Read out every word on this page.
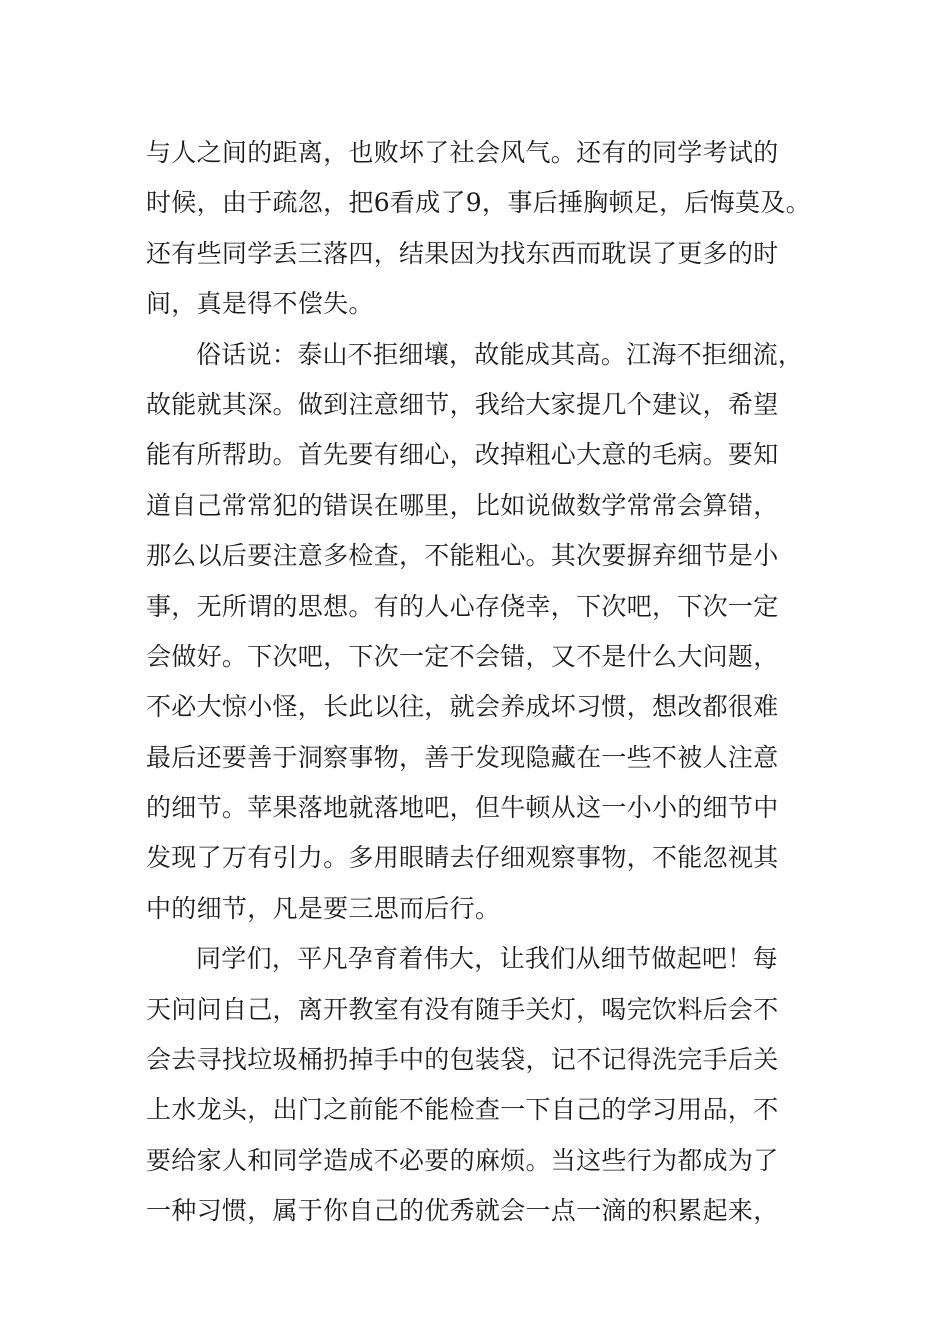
与人之间的距离，也败坏了社会风气。还有的同学考试的
时候，由于疏忽，把6看成了9，事后捶胸顿足，后悔莫及。
还有些同学丢三落四，结果因为找东西而耽误了更多的时
间，真是得不偿失。
俗话说：泰山不拒细壤，故能成其高。江海不拒细流，
故能就其深。做到注意细节，我给大家提几个建议，希望
能有所帮助。首先要有细心，改掉粗心大意的毛病。要知
道自己常常犯的错误在哪里，比如说做数学常常会算错，
那么以后要注意多检查，不能粗心。其次要摒弃细节是小
事，无所谓的思想。有的人心存侥幸，下次吧，下次一定
会做好。下次吧，下次一定不会错，又不是什么大问题，
不必大惊小怪，长此以往，就会养成坏习惯，想改都很难
最后还要善于洞察事物，善于发现隐藏在一些不被人注意
的细节。苹果落地就落地吧，但牛顿从这一小小的细节中
发现了万有引力。多用眼睛去仔细观察事物，不能忽视其
中的细节，凡是要三思而后行。
同学们，平凡孕育着伟大，让我们从细节做起吧！每
天问问自己，离开教室有没有随手关灯，喝完饮料后会不
会去寻找垃圾桶扔掉手中的包装袋，记不记得洗完手后关
上水龙头，出门之前能不能检查一下自己的学习用品，不
要给家人和同学造成不必要的麻烦。当这些行为都成为了
一种习惯，属于你自己的优秀就会一点一滴的积累起来，
